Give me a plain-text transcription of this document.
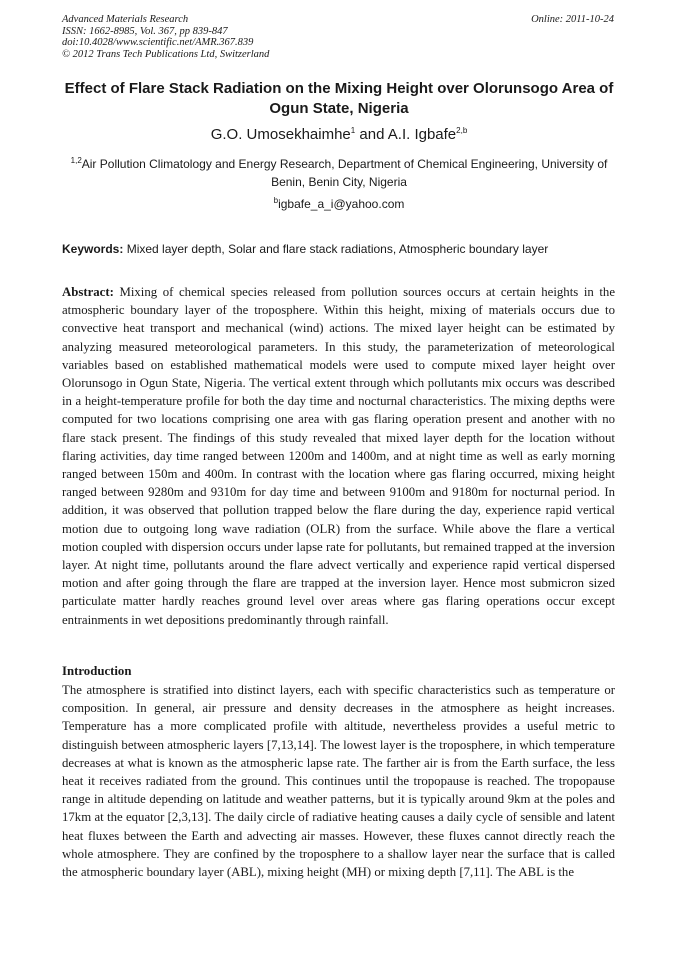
Advanced Materials Research
ISSN: 1662-8985, Vol. 367, pp 839-847
doi:10.4028/www.scientific.net/AMR.367.839
© 2012 Trans Tech Publications Ltd, Switzerland
Online: 2011-10-24
Effect of Flare Stack Radiation on the Mixing Height over Olorunsogo Area of Ogun State, Nigeria
G.O. Umosekhaimhe$^1$ and A.I. Igbafe$^{2,b}$
$^{1,2}$Air Pollution Climatology and Energy Research, Department of Chemical Engineering, University of Benin, Benin City, Nigeria
$^b$igbafe_a_i@yahoo.com
Keywords: Mixed layer depth, Solar and flare stack radiations, Atmospheric boundary layer
Abstract: Mixing of chemical species released from pollution sources occurs at certain heights in the atmospheric boundary layer of the troposphere. Within this height, mixing of materials occurs due to convective heat transport and mechanical (wind) actions. The mixed layer height can be estimated by analyzing measured meteorological parameters. In this study, the parameterization of meteorological variables based on established mathematical models were used to compute mixed layer height over Olorunsogo in Ogun State, Nigeria. The vertical extent through which pollutants mix occurs was described in a height-temperature profile for both the day time and nocturnal characteristics. The mixing depths were computed for two locations comprising one area with gas flaring operation present and another with no flare stack present. The findings of this study revealed that mixed layer depth for the location without flaring activities, day time ranged between 1200m and 1400m, and at night time as well as early morning ranged between 150m and 400m. In contrast with the location where gas flaring occurred, mixing height ranged between 9280m and 9310m for day time and between 9100m and 9180m for nocturnal period. In addition, it was observed that pollution trapped below the flare during the day, experience rapid vertical motion due to outgoing long wave radiation (OLR) from the surface. While above the flare a vertical motion coupled with dispersion occurs under lapse rate for pollutants, but remained trapped at the inversion layer. At night time, pollutants around the flare advect vertically and experience rapid vertical dispersed motion and after going through the flare are trapped at the inversion layer. Hence most submicron sized particulate matter hardly reaches ground level over areas where gas flaring operations occur except entrainments in wet depositions predominantly through rainfall.
Introduction
The atmosphere is stratified into distinct layers, each with specific characteristics such as temperature or composition. In general, air pressure and density decreases in the atmosphere as height increases. Temperature has a more complicated profile with altitude, nevertheless provides a useful metric to distinguish between atmospheric layers [7,13,14]. The lowest layer is the troposphere, in which temperature decreases at what is known as the atmospheric lapse rate. The farther air is from the Earth surface, the less heat it receives radiated from the ground. This continues until the tropopause is reached. The tropopause range in altitude depending on latitude and weather patterns, but it is typically around 9km at the poles and 17km at the equator [2,3,13]. The daily circle of radiative heating causes a daily cycle of sensible and latent heat fluxes between the Earth and advecting air masses. However, these fluxes cannot directly reach the whole atmosphere. They are confined by the troposphere to a shallow layer near the surface that is called the atmospheric boundary layer (ABL), mixing height (MH) or mixing depth [7,11]. The ABL is the
